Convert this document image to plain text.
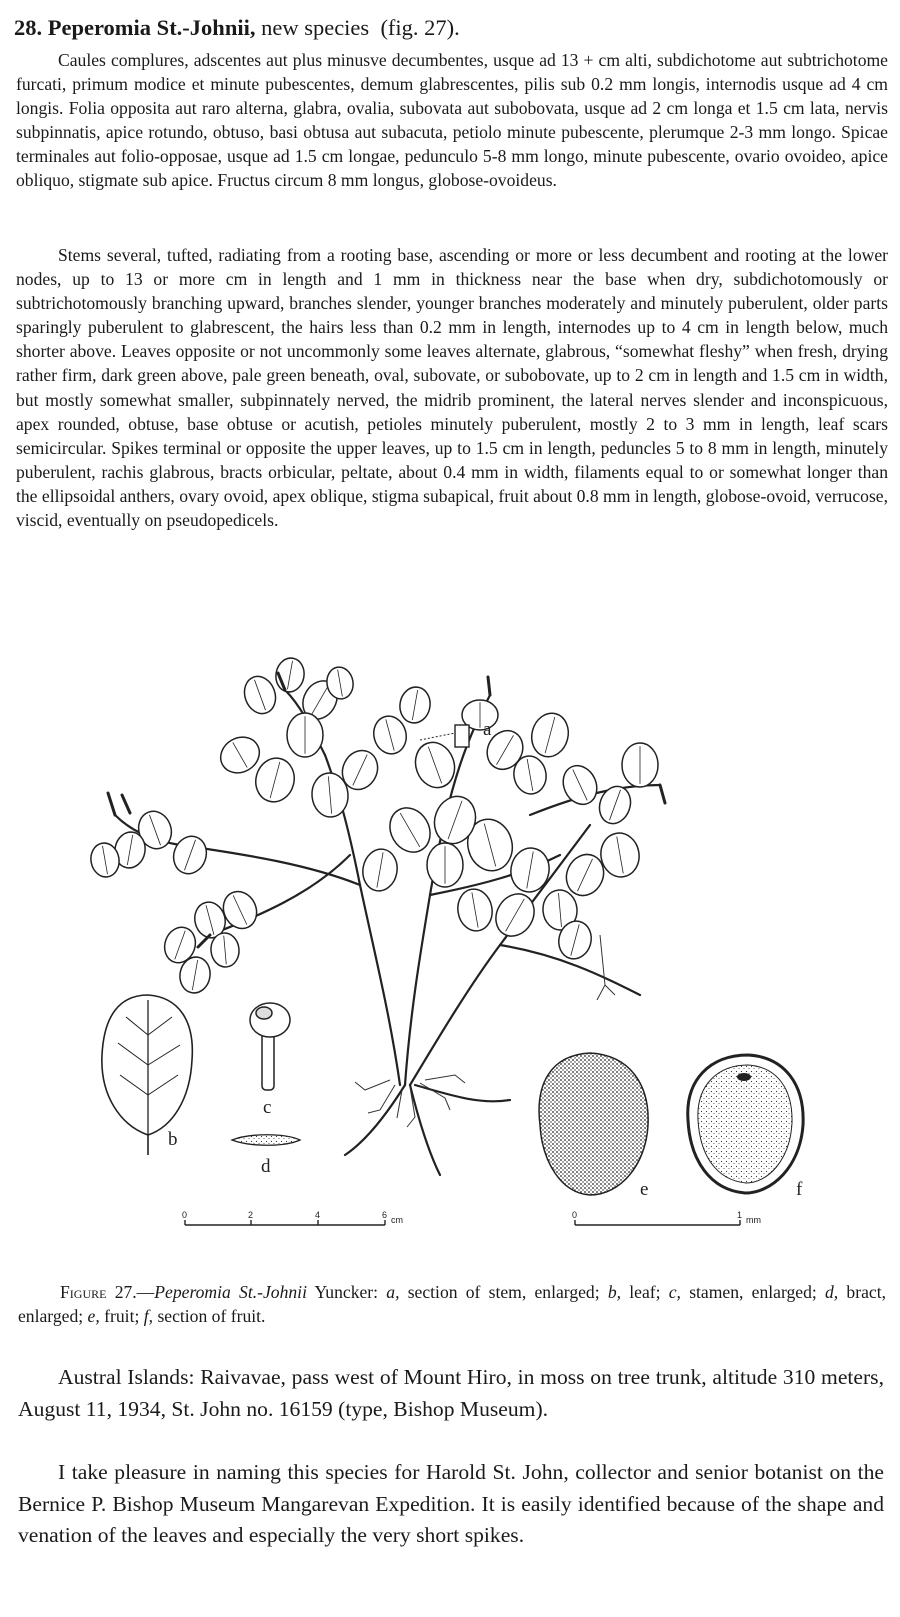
28. Peperomia St.-Johnii, new species (fig. 27).

Caules complures, adscentes aut plus minusve decumbentes, usque ad 13 + cm alti, subdichotome aut subtrichotome furcati, primum modice et minute pubescentes, demum glabrescentes, pilis sub 0.2 mm longis, internodis usque ad 4 cm longis. Folia opposita aut raro alterna, glabra, ovalia, subovata aut subobovata, usque ad 2 cm longa et 1.5 cm lata, nervis subpinnatis, apice rotundo, obtuso, basi obtusa aut subacuta, petiolo minute pubescente, plerumque 2-3 mm longo. Spicae terminales aut folio-opposae, usque ad 1.5 cm longae, pedunculo 5-8 mm longo, minute pubescente, ovario ovoideo, apice obliquo, stigmate sub apice. Fructus circum 8 mm longus, globose-ovoideus.

Stems several, tufted, radiating from a rooting base, ascending or more or less decumbent and rooting at the lower nodes, up to 13 or more cm in length and 1 mm in thickness near the base when dry, subdichotomously or subtrichotomously branching upward, branches slender, younger branches moderately and minutely puberulent, older parts sparingly puberulent to glabrescent, the hairs less than 0.2 mm in length, internodes up to 4 cm in length below, much shorter above. Leaves opposite or not uncommonly some leaves alternate, glabrous, “somewhat fleshy” when fresh, drying rather firm, dark green above, pale green beneath, oval, subovate, or subobovate, up to 2 cm in length and 1.5 cm in width, but mostly somewhat smaller, subpinnately nerved, the midrib prominent, the lateral nerves slender and inconspicuous, apex rounded, obtuse, base obtuse or acutish, petioles minutely puberulent, mostly 2 to 3 mm in length, leaf scars semicircular. Spikes terminal or opposite the upper leaves, up to 1.5 cm in length, peduncles 5 to 8 mm in length, minutely puberulent, rachis glabrous, bracts orbicular, peltate, about 0.4 mm in width, filaments equal to or somewhat longer than the ellipsoidal anthers, ovary ovoid, apex oblique, stigma subapical, fruit about 0.8 mm in length, globose-ovoid, verrucose, viscid, eventually on pseudopedicels.

a
b
c
d
e	f
0	2	4	6 cm	0	1 mm

Figure 27.—Peperomia St.-Johnii Yuncker: a, section of stem, enlarged; b, leaf; c, stamen, enlarged; d, bract, enlarged; e, fruit; f, section of fruit.

Austral Islands: Raivavae, pass west of Mount Hiro, in moss on tree trunk, altitude 310 meters, August 11, 1934, St. John no. 16159 (type, Bishop Museum).

I take pleasure in naming this species for Harold St. John, collector and senior botanist on the Bernice P. Bishop Museum Mangarevan Expedition. It is easily identified because of the shape and venation of the leaves and especially the very short spikes.
